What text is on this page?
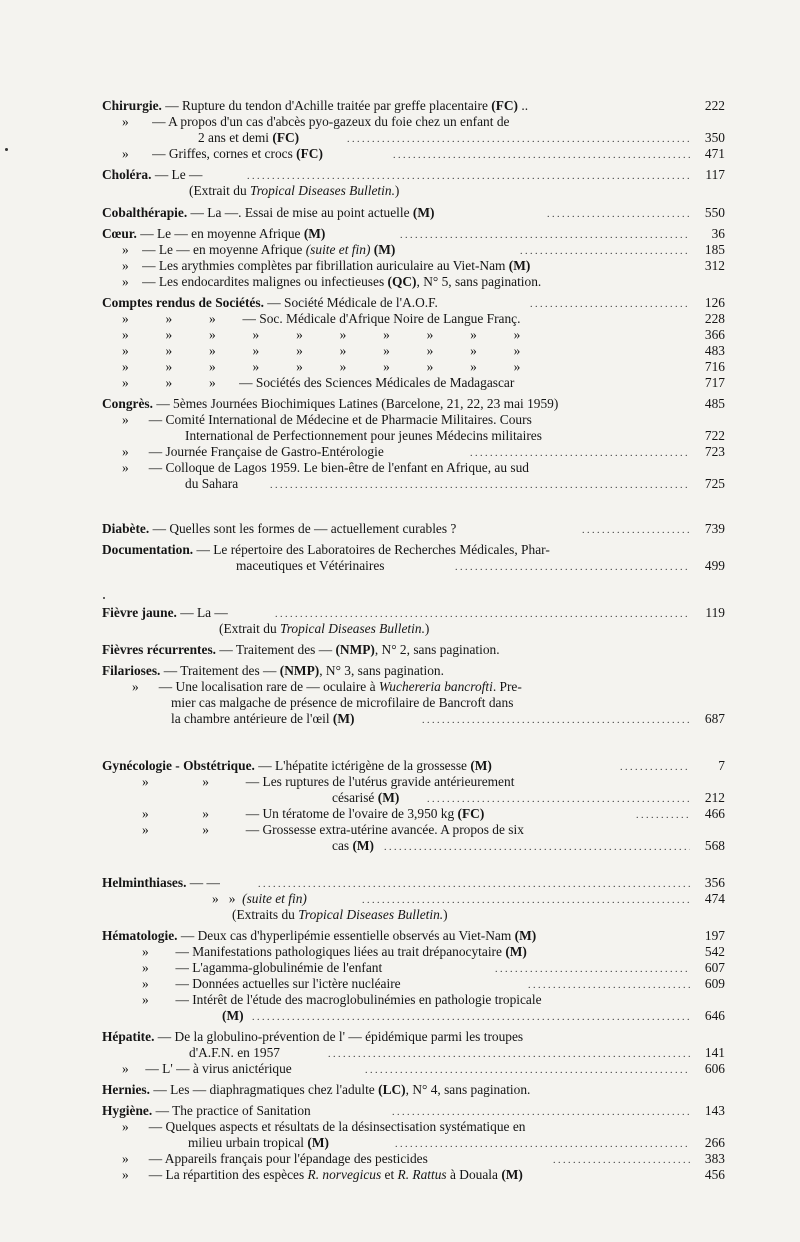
Chirurgie. — Rupture du tendon d'Achille traitée par greffe placentaire (FC) ..	222
»       — A propos d'un cas d'abcès pyo-gazeux du foie chez un enfant de
2 ans et demi (FC) . . .	350
»       — Griffes, cornes et crocs (FC) . . .	471
Choléra. — Le — . . .	117
(Extrait du Tropical Diseases Bulletin.)
Cobalthérapie. — La —. Essai de mise au point actuelle (M) . . .	550
Cœur. — Le — en moyenne Afrique (M) . . .	36
»    — Le — en moyenne Afrique (suite et fin) (M) . . .	185
»    — Les arythmies complètes par fibrillation auriculaire au Viet-Nam (M)	312
»    — Les endocardites malignes ou infectieuses (QC), N° 5, sans pagination.
Comptes rendus de Sociétés. — Société Médicale de l'A.O.F. . . .	126
»           »           »        — Soc. Médicale d'Afrique Noire de Langue Franç.	228
»           »           »           »           »           »           »           »           »           »	366
»           »           »           »           »           »           »           »           »           »	483
»           »           »           »           »           »           »           »           »           »	716
»           »           »       — Sociétés des Sciences Médicales de Madagascar	717
Congrès. — 5èmes Journées Biochimiques Latines (Barcelone, 21, 22, 23 mai 1959)	485
»      — Comité International de Médecine et de Pharmacie Militaires. Cours
International de Perfectionnement pour jeunes Médecins militaires	722
»      — Journée Française de Gastro-Entérologie . . .	723
»      — Colloque de Lagos 1959. Le bien-être de l'enfant en Afrique, au sud
du Sahara . . .	725
Diabète. — Quelles sont les formes de — actuellement curables ? . . .	739
Documentation. — Le répertoire des Laboratoires de Recherches Médicales, Phar-
maceutiques et Vétérinaires . . .	499
Fièvre jaune. — La — . . .	119
(Extrait du Tropical Diseases Bulletin.)
Fièvres récurrentes. — Traitement des — (NMP), N° 2, sans pagination.
Filarioses. — Traitement des — (NMP), N° 3, sans pagination.
»      — Une localisation rare de — oculaire à Wuchereria bancrofti. Pre-
mier cas malgache de présence de microfilaire de Bancroft dans
la chambre antérieure de l'œil (M) . . .	687
Gynécologie - Obstétrique. — L'hépatite ictérigène de la grossesse (M) . . .	7
»                »           — Les ruptures de l'utérus gravide antérieurement
césarisé (M) . . .	212
»                »           — Un tératome de l'ovaire de 3,950 kg (FC) . . .	466
»                »           — Grossesse extra-utérine avancée. A propos de six
cas (M) . . .	568
Helminthiases. — — . . .	356
»   »  (suite et fin) . . .	474
(Extraits du Tropical Diseases Bulletin.)
Hématologie. — Deux cas d'hyperlipémie essentielle observés au Viet-Nam (M)	197
»        — Manifestations pathologiques liées au trait drépanocytaire (M)	542
»        — L'agamma-globulinémie de l'enfant . . .	607
»        — Données actuelles sur l'ictère nucléaire . . .	609
»        — Intérêt de l'étude des macroglobulinémies en pathologie tropicale
(M) . . .	646
Hépatite. — De la globulino-prévention de l' — épidémique parmi les troupes
d'A.F.N. en 1957 . . .	141
»     — L' — à virus anictérique . . .	606
Hernies. — Les — diaphragmatiques chez l'adulte (LC), N° 4, sans pagination.
Hygiène. — The practice of Sanitation . . .	143
»      — Quelques aspects et résultats de la désinsectisation systématique en
milieu urbain tropical (M) . . .	266
»      — Appareils français pour l'épandage des pesticides . . .	383
»      — La répartition des espèces R. norvegicus et R. Rattus à Douala (M)	456
